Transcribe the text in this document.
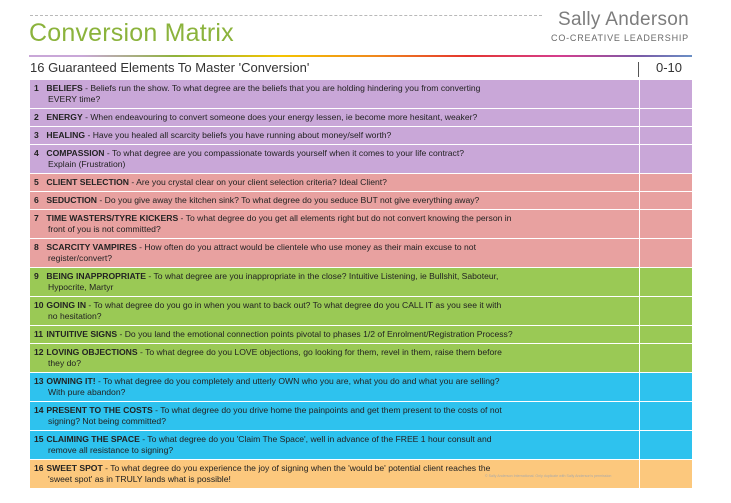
Conversion Matrix	Sally Anderson
CO-CREATIVE LEADERSHIP
16 Guaranteed Elements To Master 'Conversion'	0-10
1 BELIEFS - Beliefs run the show. To what degree are the beliefs that you are holding hindering you from converting
EVERY time?
2 ENERGY - When endeavouring to convert someone does your energy lessen, ie become more hesitant, weaker?
3 HEALING - Have you healed all scarcity beliefs you have running about money/self worth?
4 COMPASSION - To what degree are you compassionate towards yourself when it comes to your life contract?
Explain (Frustration)
5 CLIENT SELECTION - Are you crystal clear on your client selection criteria? Ideal Client?
6 SEDUCTION - Do you give away the kitchen sink? To what degree do you seduce BUT not give everything away?
7 TIME WASTERS/TYRE KICKERS - To what degree do you get all elements right but do not convert knowing the person in
front of you is not committed?
8 SCARCITY VAMPIRES - How often do you attract would be clientele who use money as their main excuse to not
register/convert?
9 BEING INAPPROPRIATE - To what degree are you inappropriate in the close? Intuitive Listening, ie Bullshit, Saboteur,
Hypocrite, Martyr
10 GOING IN - To what degree do you go in when you want to back out? To what degree do you CALL IT as you see it with
no hesitation?
11 INTUITIVE SIGNS - Do you land the emotional connection points pivotal to phases 1/2 of Enrolment/Registration Process?
12 LOVING OBJECTIONS - To what degree do you LOVE objections, go looking for them, revel in them, raise them before
they do?
13 OWNING IT! - To what degree do you completely and utterly OWN who you are, what you do and what you are selling?
With pure abandon?
14 PRESENT TO THE COSTS - To what degree do you drive home the painpoints and get them present to the costs of not
signing? Not being committed?
15 CLAIMING THE SPACE - To what degree do you 'Claim The Space', well in advance of the FREE 1 hour consult and
remove all resistance to signing?
16 SWEET SPOT - To what degree do you experience the joy of signing when the 'would be' potential client reaches the
'sweet spot' as in TRULY lands what is possible!	© Sally Anderson International. Only duplicate with Sally Anderson's permission
